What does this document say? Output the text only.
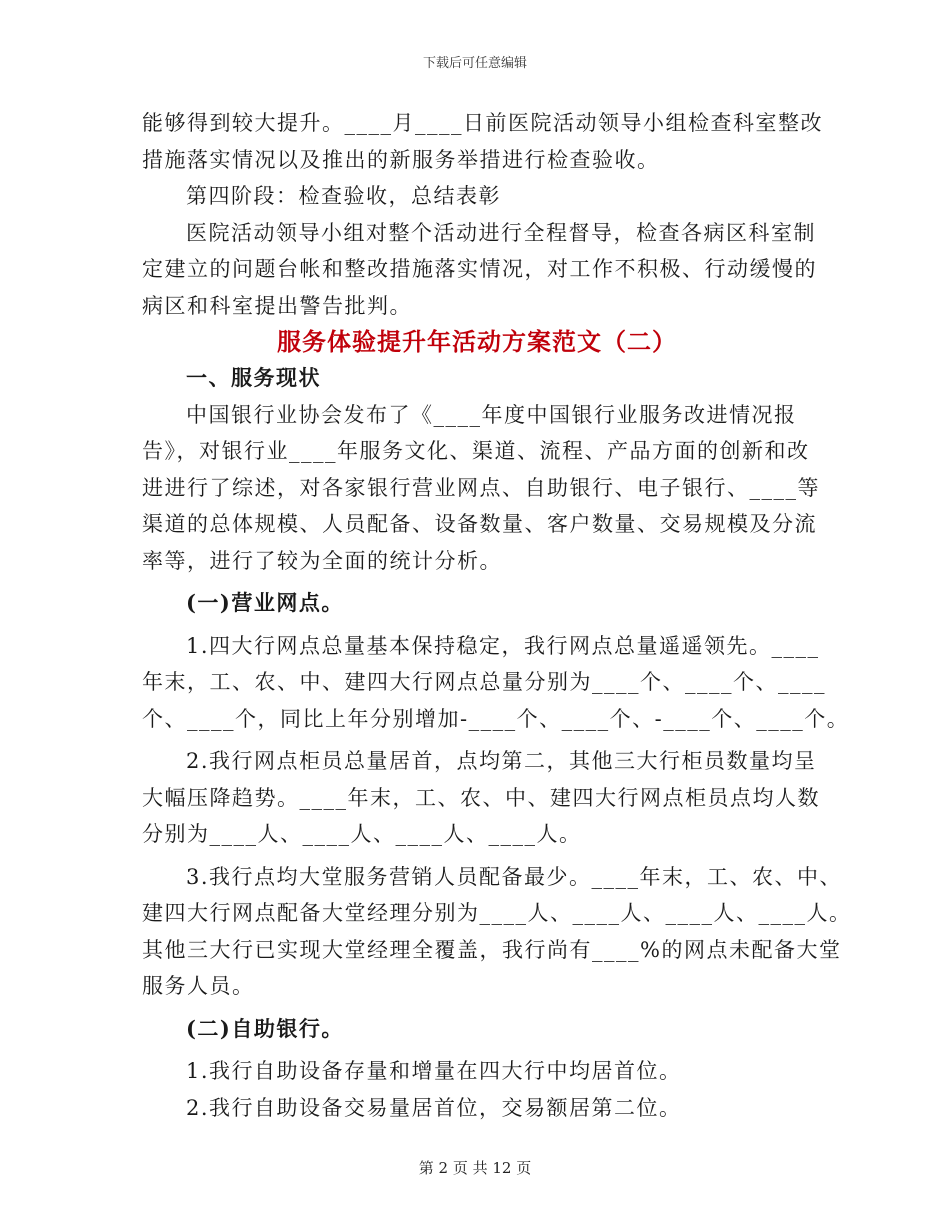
下载后可任意编辑
能够得到较大提升。____月____日前医院活动领导小组检查科室整改
措施落实情况以及推出的新服务举措进行检查验收。
第四阶段：检查验收，总结表彰
医院活动领导小组对整个活动进行全程督导，检查各病区科室制
定建立的问题台帐和整改措施落实情况，对工作不积极、行动缓慢的
病区和科室提出警告批判。
服务体验提升年活动方案范文（二）
一、服务现状
中国银行业协会发布了《____年度中国银行业服务改进情况报
告》，对银行业____年服务文化、渠道、流程、产品方面的创新和改
进进行了综述，对各家银行营业网点、自助银行、电子银行、____等
渠道的总体规模、人员配备、设备数量、客户数量、交易规模及分流
率等，进行了较为全面的统计分析。
(一)营业网点。
1.四大行网点总量基本保持稳定，我行网点总量遥遥领先。____
年末，工、农、中、建四大行网点总量分别为____个、____个、____
个、____个，同比上年分别增加-____个、____个、-____个、____个。
2.我行网点柜员总量居首，点均第二，其他三大行柜员数量均呈
大幅压降趋势。____年末，工、农、中、建四大行网点柜员点均人数
分别为____人、____人、____人、____人。
3.我行点均大堂服务营销人员配备最少。____年末，工、农、中、
建四大行网点配备大堂经理分别为____人、____人、____人、____人。
其他三大行已实现大堂经理全覆盖，我行尚有____%的网点未配备大堂
服务人员。
(二)自助银行。
1.我行自助设备存量和增量在四大行中均居首位。
2.我行自助设备交易量居首位，交易额居第二位。
第 2 页 共 12 页
